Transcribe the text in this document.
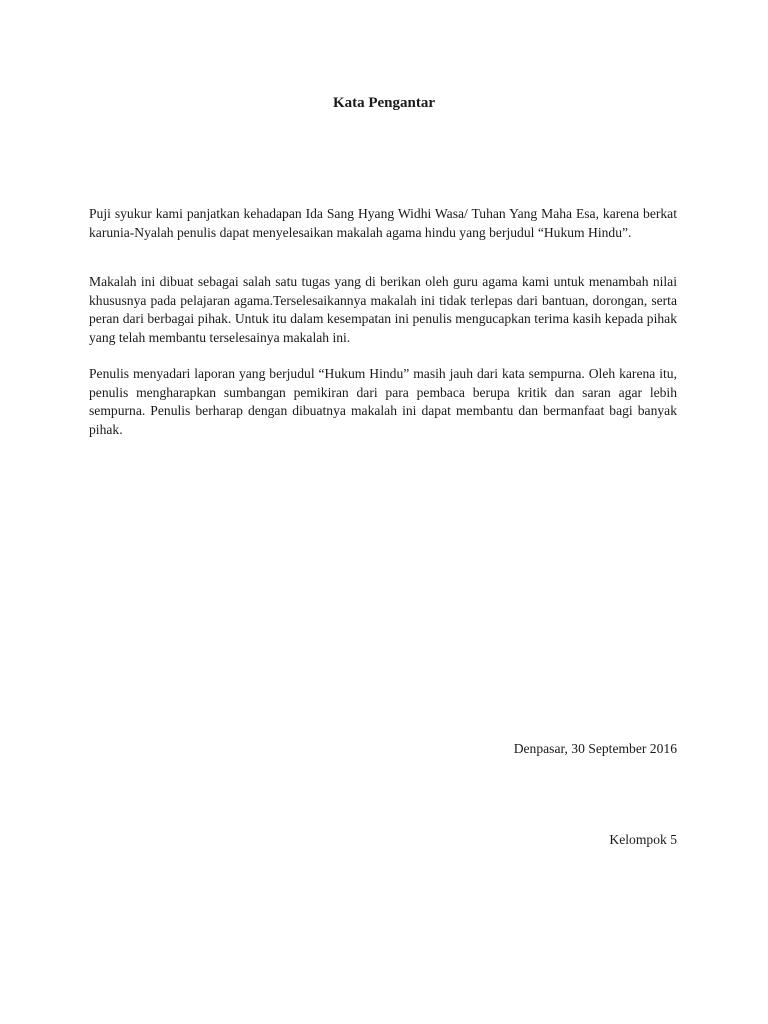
Kata Pengantar

Puji syukur kami panjatkan kehadapan Ida Sang Hyang Widhi Wasa/ Tuhan Yang Maha Esa, karena berkat karunia-Nyalah penulis dapat menyelesaikan makalah agama hindu yang berjudul “Hukum Hindu”.

Makalah ini dibuat sebagai salah satu tugas yang di berikan oleh guru agama kami untuk menambah nilai khususnya pada pelajaran agama.Terselesaikannya makalah ini tidak terlepas dari bantuan, dorongan, serta peran dari berbagai pihak. Untuk itu dalam kesempatan ini penulis mengucapkan terima kasih kepada pihak yang telah membantu terselesainya makalah ini.

Penulis menyadari laporan yang berjudul “Hukum Hindu” masih jauh dari kata sempurna. Oleh karena itu, penulis mengharapkan sumbangan pemikiran dari para pembaca berupa kritik dan saran agar lebih sempurna. Penulis berharap dengan dibuatnya makalah ini dapat membantu dan bermanfaat bagi banyak pihak.

Denpasar, 30 September 2016
Kelompok 5
